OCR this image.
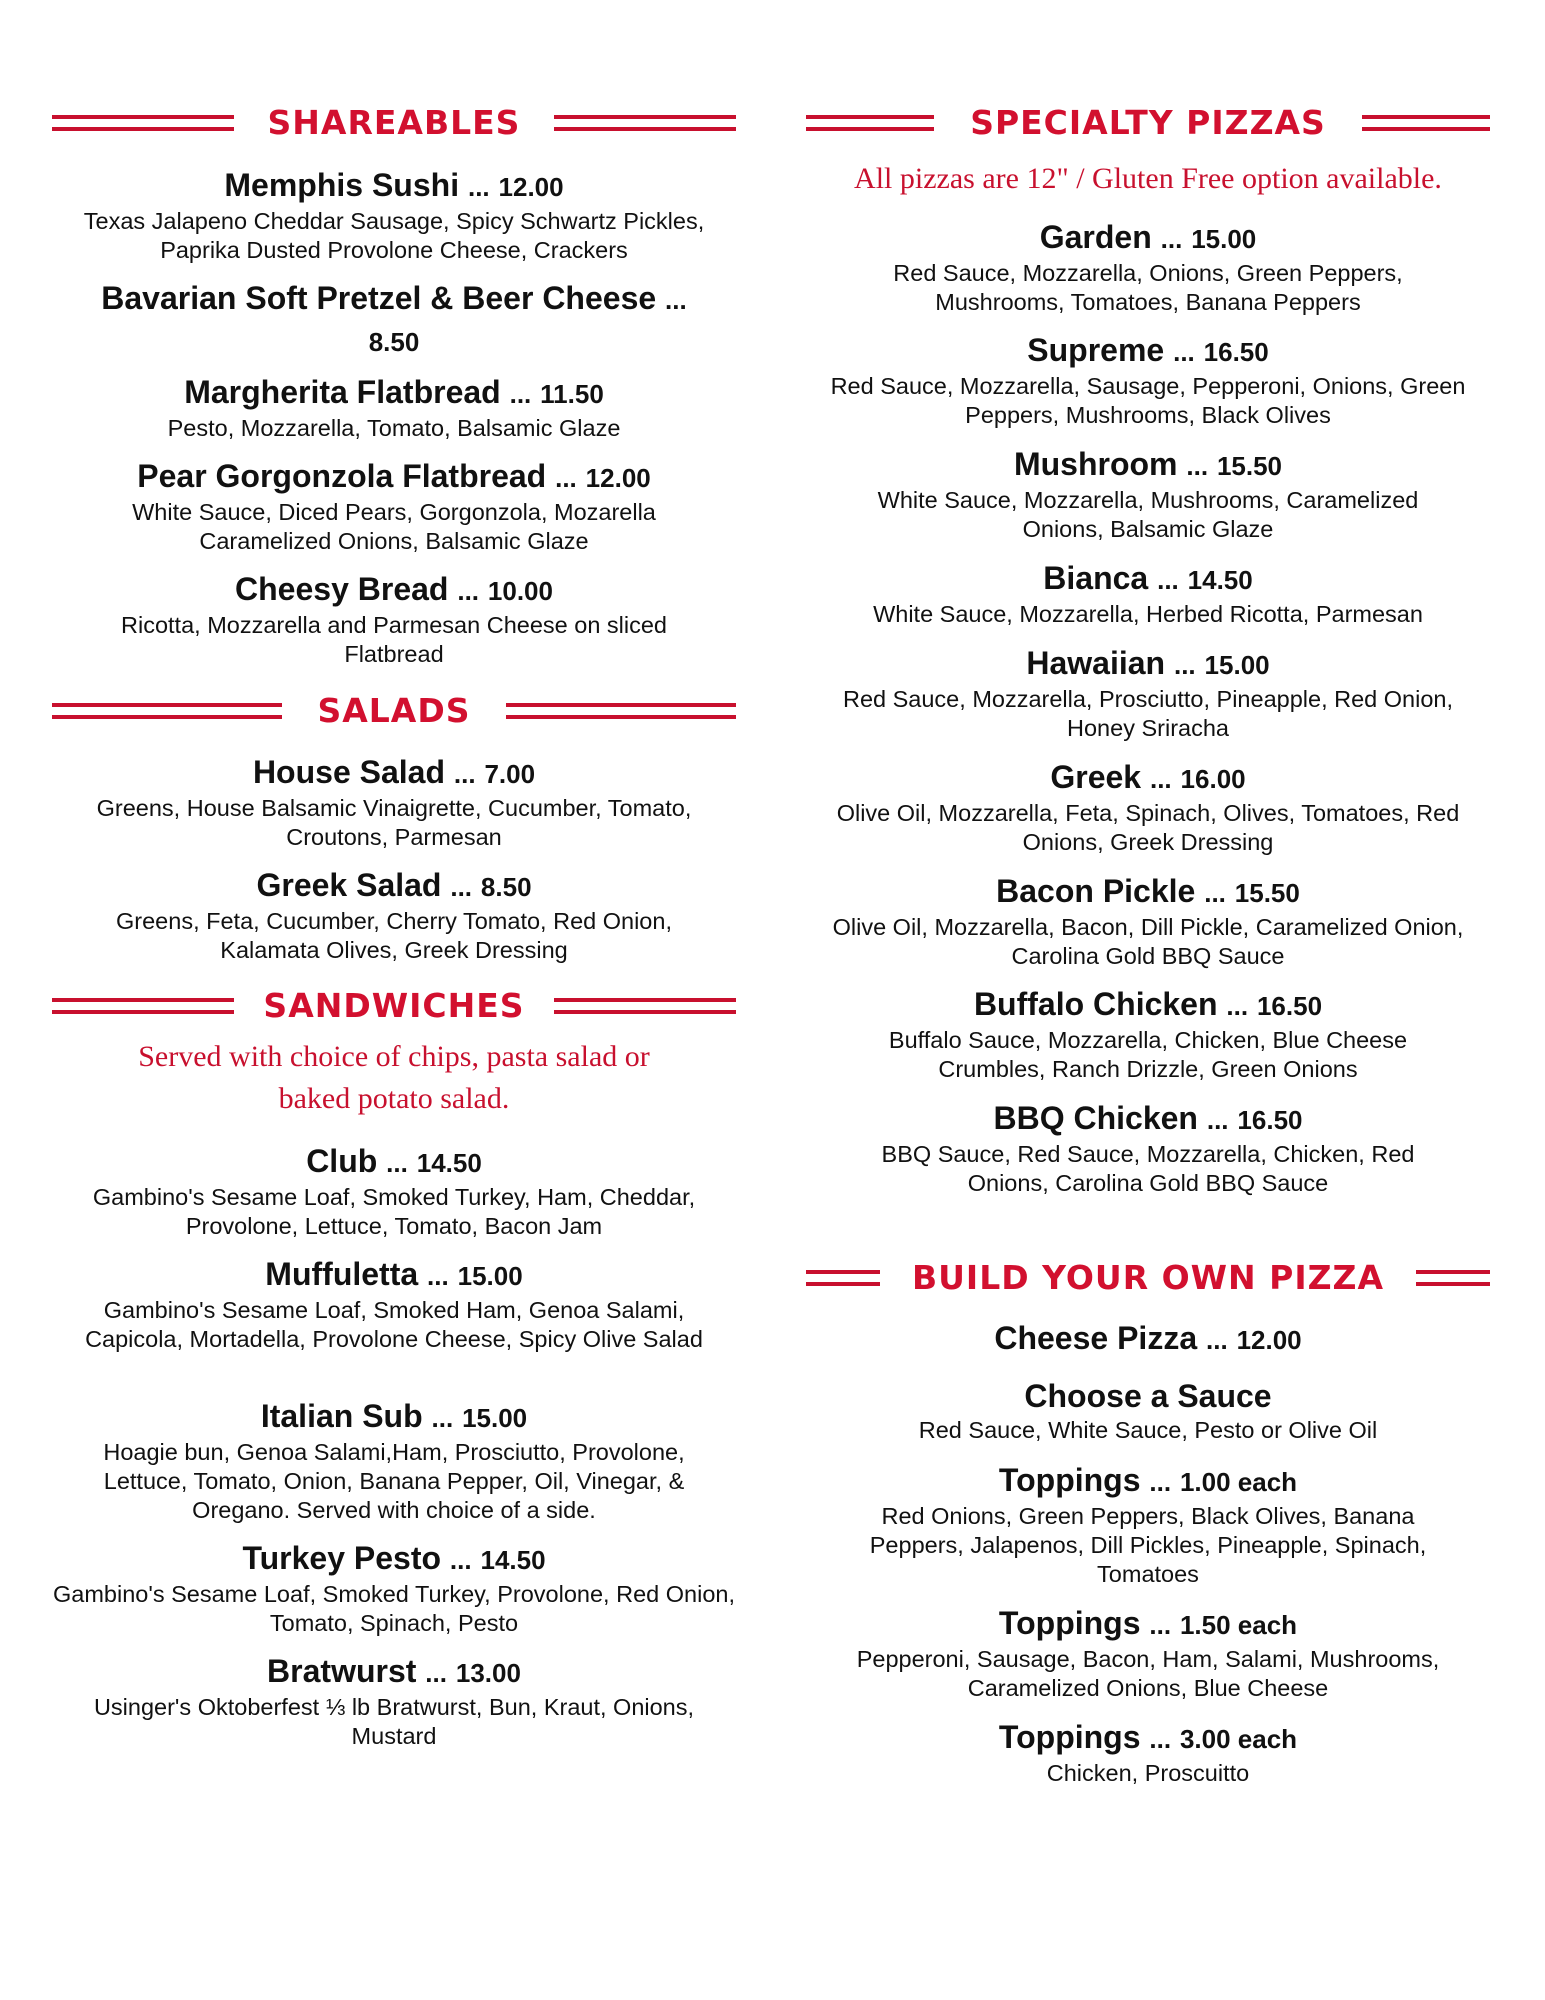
SHAREABLES
Memphis Sushi ... 12.00
Texas Jalapeno Cheddar Sausage, Spicy Schwartz Pickles, Paprika Dusted Provolone Cheese, Crackers
Bavarian Soft Pretzel & Beer Cheese ...
8.50
Margherita Flatbread ... 11.50
Pesto, Mozzarella, Tomato, Balsamic Glaze
Pear Gorgonzola Flatbread ... 12.00
White Sauce, Diced Pears, Gorgonzola, Mozarella Caramelized Onions, Balsamic Glaze
Cheesy Bread ... 10.00
Ricotta, Mozzarella and Parmesan Cheese on sliced Flatbread
SALADS
House Salad ... 7.00
Greens, House Balsamic Vinaigrette, Cucumber, Tomato, Croutons, Parmesan
Greek Salad ... 8.50
Greens, Feta, Cucumber, Cherry Tomato, Red Onion, Kalamata Olives, Greek Dressing
SANDWICHES
Served with choice of chips, pasta salad or baked potato salad.
Club ... 14.50
Gambino's Sesame Loaf, Smoked Turkey, Ham, Cheddar, Provolone, Lettuce, Tomato, Bacon Jam
Muffuletta ... 15.00
Gambino's Sesame Loaf, Smoked Ham, Genoa Salami, Capicola, Mortadella, Provolone Cheese, Spicy Olive Salad
Italian Sub ... 15.00
Hoagie bun, Genoa Salami,Ham, Prosciutto, Provolone, Lettuce, Tomato, Onion, Banana Pepper, Oil, Vinegar, & Oregano. Served with choice of a side.
Turkey Pesto ... 14.50
Gambino's Sesame Loaf, Smoked Turkey, Provolone, Red Onion, Tomato, Spinach, Pesto
Bratwurst ... 13.00
Usinger's Oktoberfest ⅓ lb Bratwurst, Bun, Kraut, Onions, Mustard
SPECIALTY PIZZAS
All pizzas are 12" / Gluten Free option available.
Garden ... 15.00
Red Sauce, Mozzarella, Onions, Green Peppers, Mushrooms, Tomatoes, Banana Peppers
Supreme ... 16.50
Red Sauce, Mozzarella, Sausage, Pepperoni, Onions, Green Peppers, Mushrooms, Black Olives
Mushroom ... 15.50
White Sauce, Mozzarella, Mushrooms, Caramelized Onions, Balsamic Glaze
Bianca ... 14.50
White Sauce, Mozzarella, Herbed Ricotta, Parmesan
Hawaiian ... 15.00
Red Sauce, Mozzarella, Prosciutto, Pineapple, Red Onion, Honey Sriracha
Greek ... 16.00
Olive Oil, Mozzarella, Feta, Spinach, Olives, Tomatoes, Red Onions, Greek Dressing
Bacon Pickle ... 15.50
Olive Oil, Mozzarella, Bacon, Dill Pickle, Caramelized Onion, Carolina Gold BBQ Sauce
Buffalo Chicken ... 16.50
Buffalo Sauce, Mozzarella, Chicken, Blue Cheese Crumbles, Ranch Drizzle, Green Onions
BBQ Chicken ... 16.50
BBQ Sauce, Red Sauce, Mozzarella, Chicken, Red Onions, Carolina Gold BBQ Sauce
BUILD YOUR OWN PIZZA
Cheese Pizza ... 12.00
Choose a Sauce
Red Sauce, White Sauce, Pesto or Olive Oil
Toppings ... 1.00 each
Red Onions, Green Peppers, Black Olives, Banana Peppers, Jalapenos, Dill Pickles, Pineapple, Spinach, Tomatoes
Toppings ... 1.50 each
Pepperoni, Sausage, Bacon, Ham, Salami, Mushrooms, Caramelized Onions, Blue Cheese
Toppings ... 3.00 each
Chicken, Proscuitto
